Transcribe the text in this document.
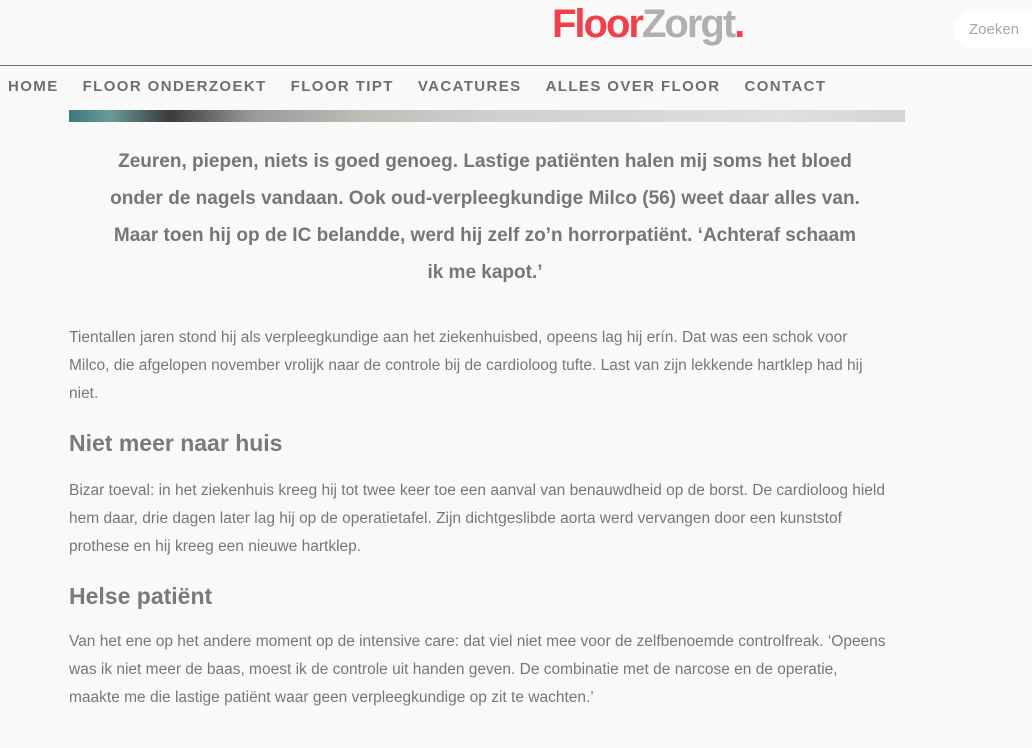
FloorZorgt.	Zoeken
HOME FLOOR ONDERZOEKT FLOOR TIPT VACATURES ALLES OVER FLOOR CONTACT
Zeuren, piepen, niets is goed genoeg. Lastige patiënten halen mij soms het bloed onder de nagels vandaan. Ook oud-verpleegkundige Milco (56) weet daar alles van. Maar toen hij op de IC belandde, werd hij zelf zo’n horrorpatiënt. ‘Achteraf schaam ik me kapot.’
Tientallen jaren stond hij als verpleegkundige aan het ziekenhuisbed, opeens lag hij erín. Dat was een schok voor Milco, die afgelopen november vrolijk naar de controle bij de cardioloog tufte. Last van zijn lekkende hartklep had hij niet.
Niet meer naar huis
Bizar toeval: in het ziekenhuis kreeg hij tot twee keer toe een aanval van benauwdheid op de borst. De cardioloog hield hem daar, drie dagen later lag hij op de operatietafel. Zijn dichtgeslibde aorta werd vervangen door een kunststof prothese en hij kreeg een nieuwe hartklep.
Helse patiënt
Van het ene op het andere moment op de intensive care: dat viel niet mee voor de zelfbenoemde controlfreak. ‘Opeens was ik niet meer de baas, moest ik de controle uit handen geven. De combinatie met de narcose en de operatie, maakte me die lastige patiënt waar geen verpleegkundige op zit te wachten.’
